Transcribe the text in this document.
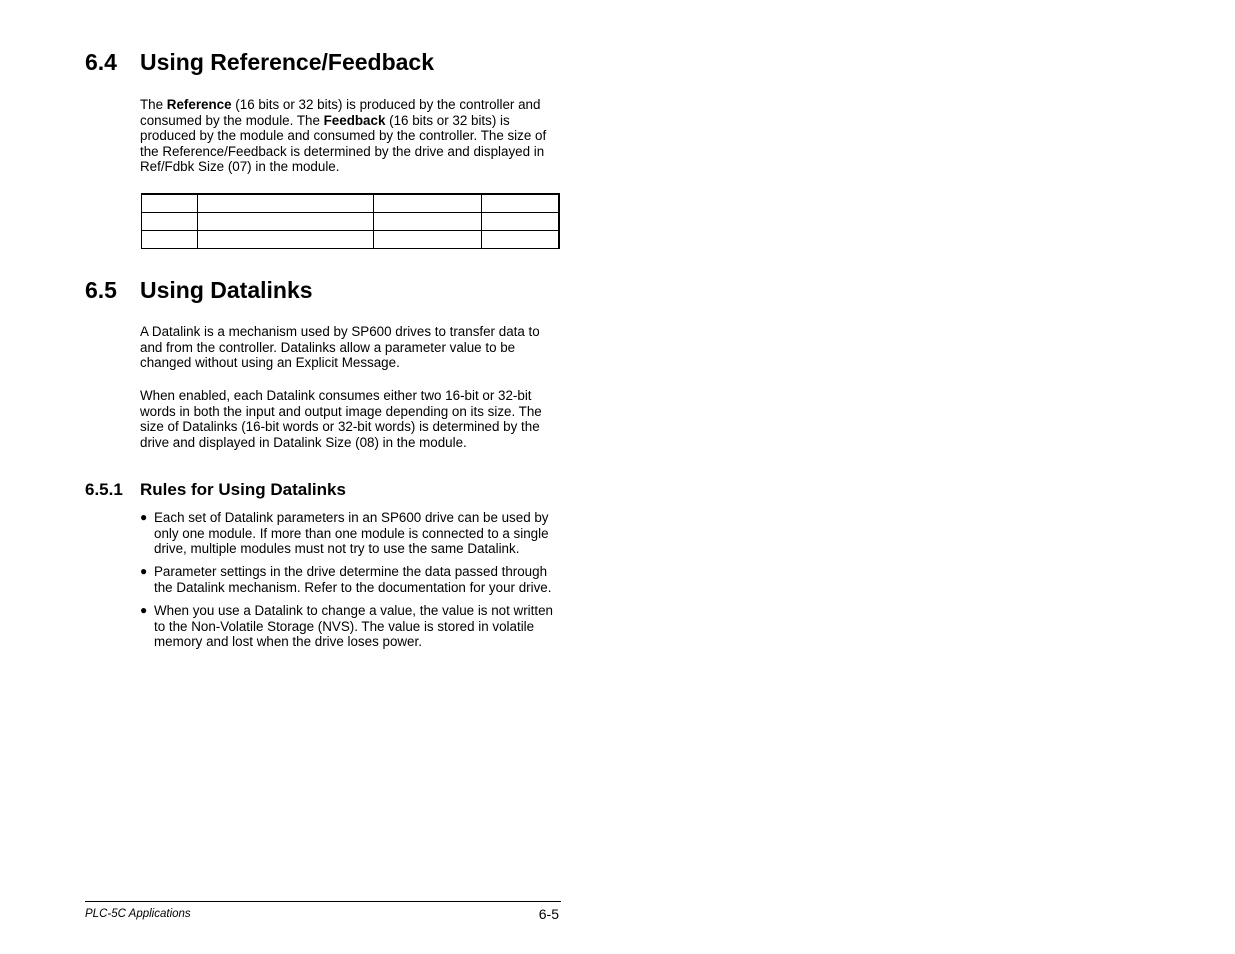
6.4 Using Reference/Feedback

The Reference (16 bits or 32 bits) is produced by the controller and consumed by the module. The Feedback (16 bits or 32 bits) is produced by the module and consumed by the controller. The size of the Reference/Feedback is determined by the drive and displayed in Ref/Fdbk Size (07) in the module.

6.5 Using Datalinks

A Datalink is a mechanism used by SP600 drives to transfer data to and from the controller. Datalinks allow a parameter value to be changed without using an Explicit Message.

When enabled, each Datalink consumes either two 16-bit or 32-bit words in both the input and output image depending on its size. The size of Datalinks (16-bit words or 32-bit words) is determined by the drive and displayed in Datalink Size (08) in the module.

6.5.1 Rules for Using Datalinks
● Each set of Datalink parameters in an SP600 drive can be used by only one module. If more than one module is connected to a single drive, multiple modules must not try to use the same Datalink.
● Parameter settings in the drive determine the data passed through the Datalink mechanism. Refer to the documentation for your drive.
● When you use a Datalink to change a value, the value is not written to the Non-Volatile Storage (NVS). The value is stored in volatile memory and lost when the drive loses power.
PLC-5C Applications	6-5
